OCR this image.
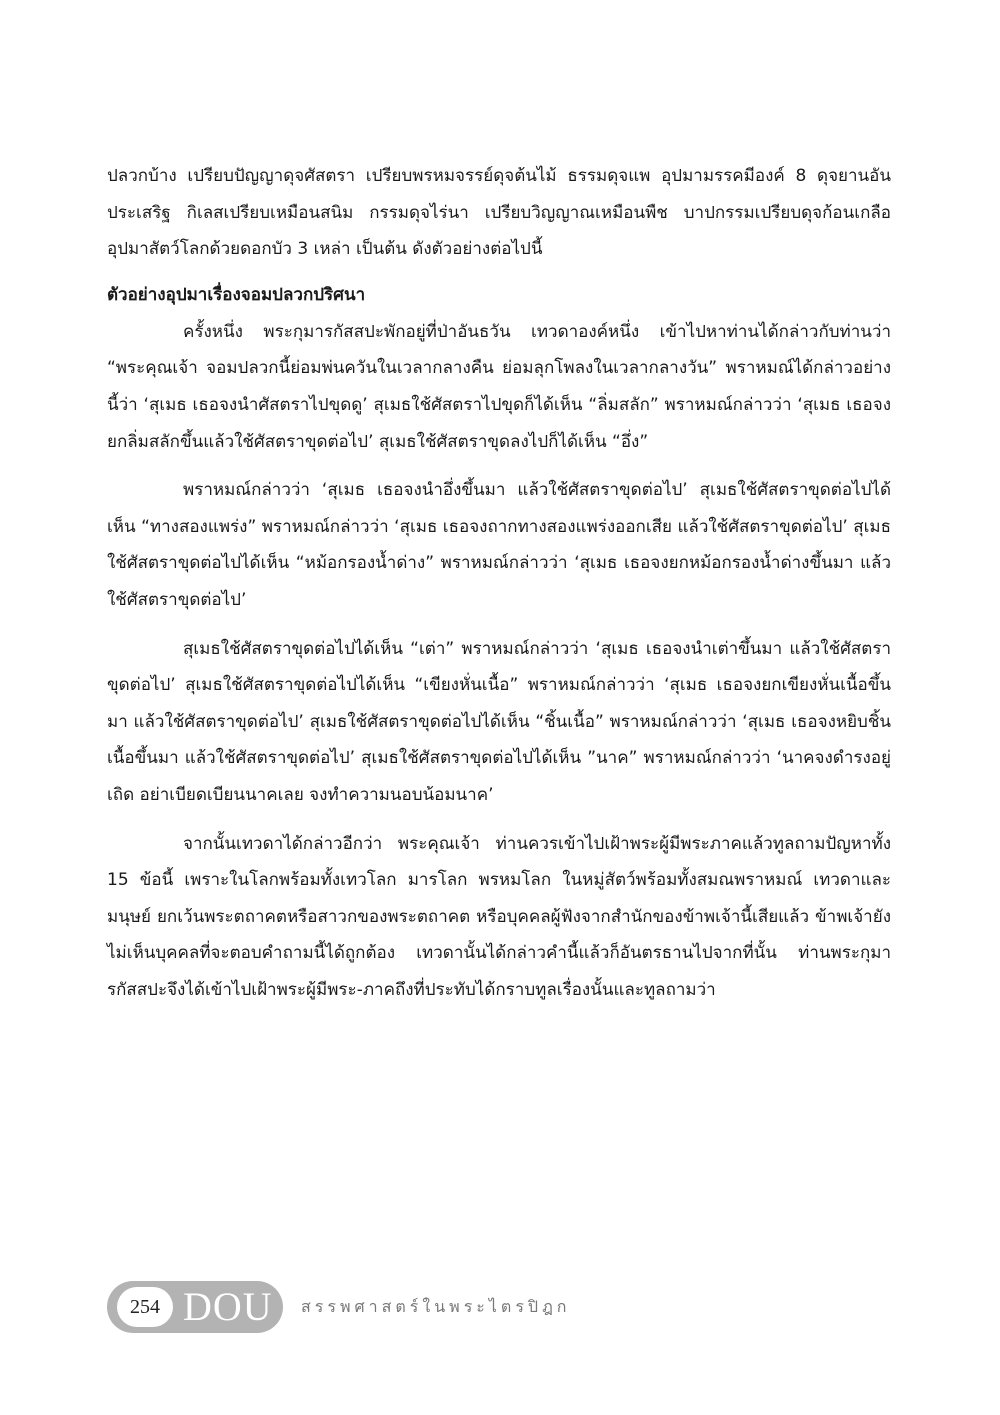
ปลวกบ้าง เปรียบปัญญาดุจศัสตรา เปรียบพรหมจรรย์ดุจต้นไม้ ธรรมดุจแพ อุปมามรรคมีองค์ 8 ดุจยานอันประเสริฐ กิเลสเปรียบเหมือนสนิม กรรมดุจไร่นา เปรียบวิญญาณเหมือนพืช บาปกรรมเปรียบดุจก้อนเกลือ อุปมาสัตว์โลกด้วยดอกบัว 3 เหล่า เป็นต้น ดังตัวอย่างต่อไปนี้

ตัวอย่างอุปมาเรื่องจอมปลวกปริศนา

ครั้งหนึ่ง พระกุมารกัสสปะพักอยู่ที่ป่าอันธวัน เทวดาองค์หนึ่ง เข้าไปหาท่านได้กล่าวกับท่านว่า “พระคุณเจ้า จอมปลวกนี้ย่อมพ่นควันในเวลากลางคืน ย่อมลุกโพลงในเวลากลางวัน” พราหมณ์ได้กล่าวอย่างนี้ว่า ‘สุเมธ เธอจงนำศัสตราไปขุดดู’ สุเมธใช้ศัสตราไปขุดก็ได้เห็น “ลิ่มสลัก” พราหมณ์กล่าวว่า ‘สุเมธ เธอจงยกลิ่มสลักขึ้นแล้วใช้ศัสตราขุดต่อไป’ สุเมธใช้ศัสตราขุดลงไปก็ได้เห็น “อึ่ง”

พราหมณ์กล่าวว่า ‘สุเมธ เธอจงนำอึ่งขึ้นมา แล้วใช้ศัสตราขุดต่อไป’ สุเมธใช้ศัสตราขุดต่อไปได้เห็น “ทางสองแพร่ง” พราหมณ์กล่าวว่า ‘สุเมธ เธอจงถากทางสองแพร่งออกเสีย แล้วใช้ศัสตราขุดต่อไป’ สุเมธใช้ศัสตราขุดต่อไปได้เห็น “หม้อกรองน้ำด่าง” พราหมณ์กล่าวว่า ‘สุเมธ เธอจงยกหม้อกรองน้ำด่างขึ้นมา แล้วใช้ศัสตราขุดต่อไป’

สุเมธใช้ศัสตราขุดต่อไปได้เห็น “เต่า” พราหมณ์กล่าวว่า ‘สุเมธ เธอจงนำเต่าขึ้นมา แล้วใช้ศัสตราขุดต่อไป’ สุเมธใช้ศัสตราขุดต่อไปได้เห็น “เขียงหั่นเนื้อ” พราหมณ์กล่าวว่า ‘สุเมธ เธอจงยกเขียงหั่นเนื้อขึ้นมา แล้วใช้ศัสตราขุดต่อไป’ สุเมธใช้ศัสตราขุดต่อไปได้เห็น “ชิ้นเนื้อ” พราหมณ์กล่าวว่า ‘สุเมธ เธอจงหยิบชิ้นเนื้อขึ้นมา แล้วใช้ศัสตราขุดต่อไป’ สุเมธใช้ศัสตราขุดต่อไปได้เห็น ”นาค” พราหมณ์กล่าวว่า ‘นาคจงดำรงอยู่เถิด อย่าเบียดเบียนนาคเลย จงทำความนอบน้อมนาค’

จากนั้นเทวดาได้กล่าวอีกว่า พระคุณเจ้า ท่านควรเข้าไปเฝ้าพระผู้มีพระภาคแล้วทูลถามปัญหาทั้ง 15 ข้อนี้ เพราะในโลกพร้อมทั้งเทวโลก มารโลก พรหมโลก ในหมู่สัตว์พร้อมทั้งสมณพราหมณ์ เทวดาและมนุษย์ ยกเว้นพระตถาคตหรือสาวกของพระตถาคต หรือบุคคลผู้ฟังจากสำนักของข้าพเจ้านี้เสียแล้ว ข้าพเจ้ายังไม่เห็นบุคคลที่จะตอบคำถามนี้ได้ถูกต้อง เทวดานั้นได้กล่าวคำนี้แล้วก็อันตรธานไปจากที่นั้น ท่านพระกุมารกัสสปะจึงได้เข้าไปเฝ้าพระผู้มีพระ-ภาคถึงที่ประทับได้กราบทูลเรื่องนั้นและทูลถามว่า

254 DOU สรรพศาสตร์ในพระไตรปิฎก
